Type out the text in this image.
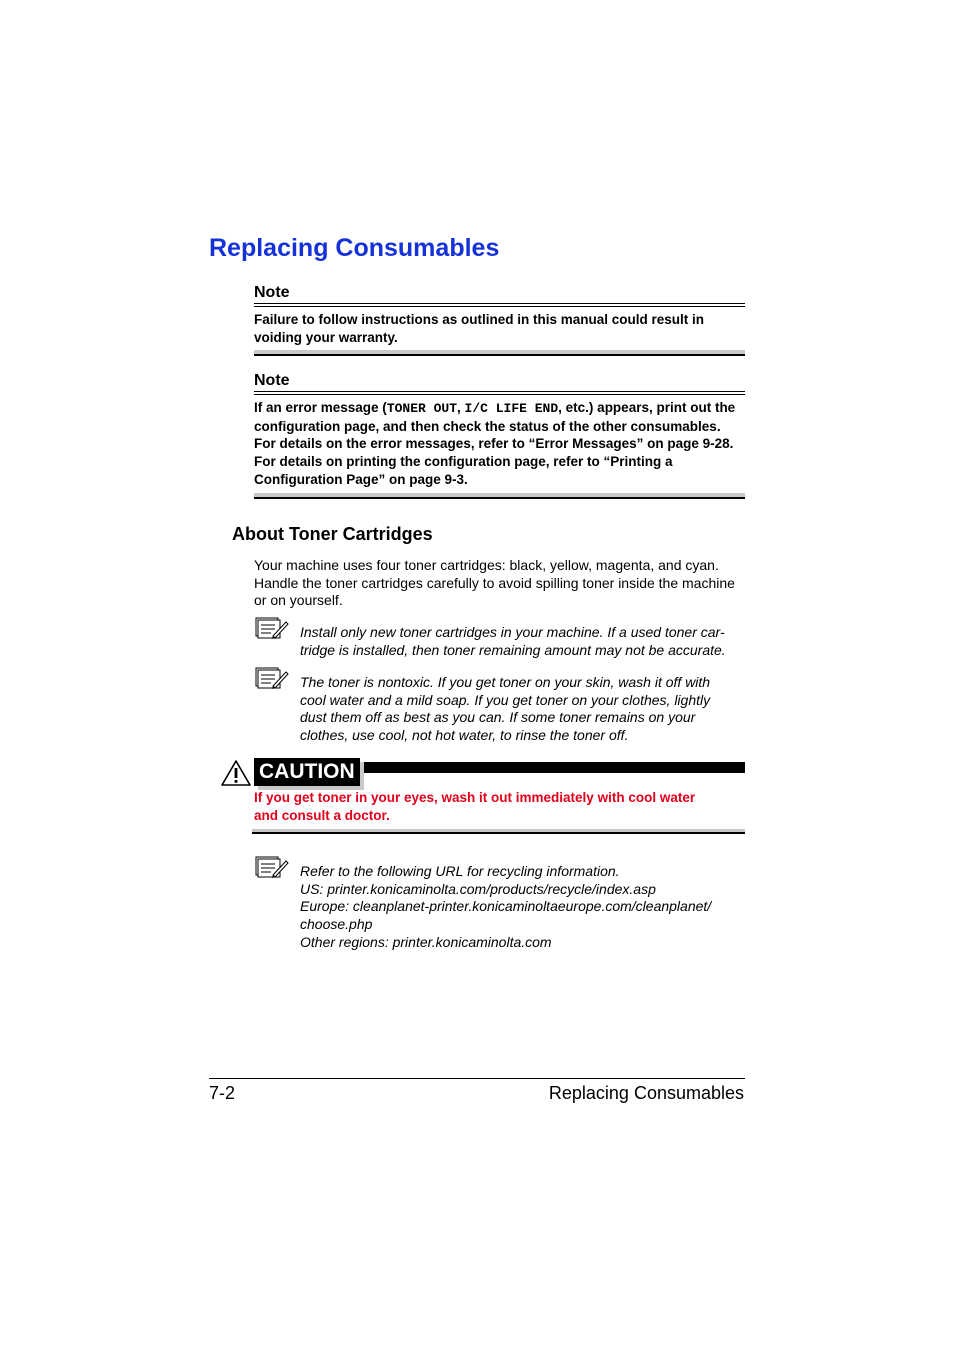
Replacing Consumables
Note
Failure to follow instructions as outlined in this manual could result in voiding your warranty.
Note
If an error message (TONER OUT, I/C LIFE END, etc.) appears, print out the configuration page, and then check the status of the other consumables. For details on the error messages, refer to “Error Messages” on page 9-28. For details on printing the configuration page, refer to “Printing a Configuration Page” on page 9-3.
About Toner Cartridges

Your machine uses four toner cartridges: black, yellow, magenta, and cyan. Handle the toner cartridges carefully to avoid spilling toner inside the machine or on yourself.

Install only new toner cartridges in your machine. If a used toner car-
tridge is installed, then toner remaining amount may not be accurate.

The toner is nontoxic. If you get toner on your skin, wash it off with
cool water and a mild soap. If you get toner on your clothes, lightly
dust them off as best as you can. If some toner remains on your
clothes, use cool, not hot water, to rinse the toner off.

CAUTION

If you get toner in your eyes, wash it out immediately with cool water
and consult a doctor.

Refer to the following URL for recycling information.
US: printer.konicaminolta.com/products/recycle/index.asp
Europe: cleanplanet-printer.konicaminoltaeurope.com/cleanplanet/
choose.php
Other regions: printer.konicaminolta.com

7-2	Replacing Consumables
